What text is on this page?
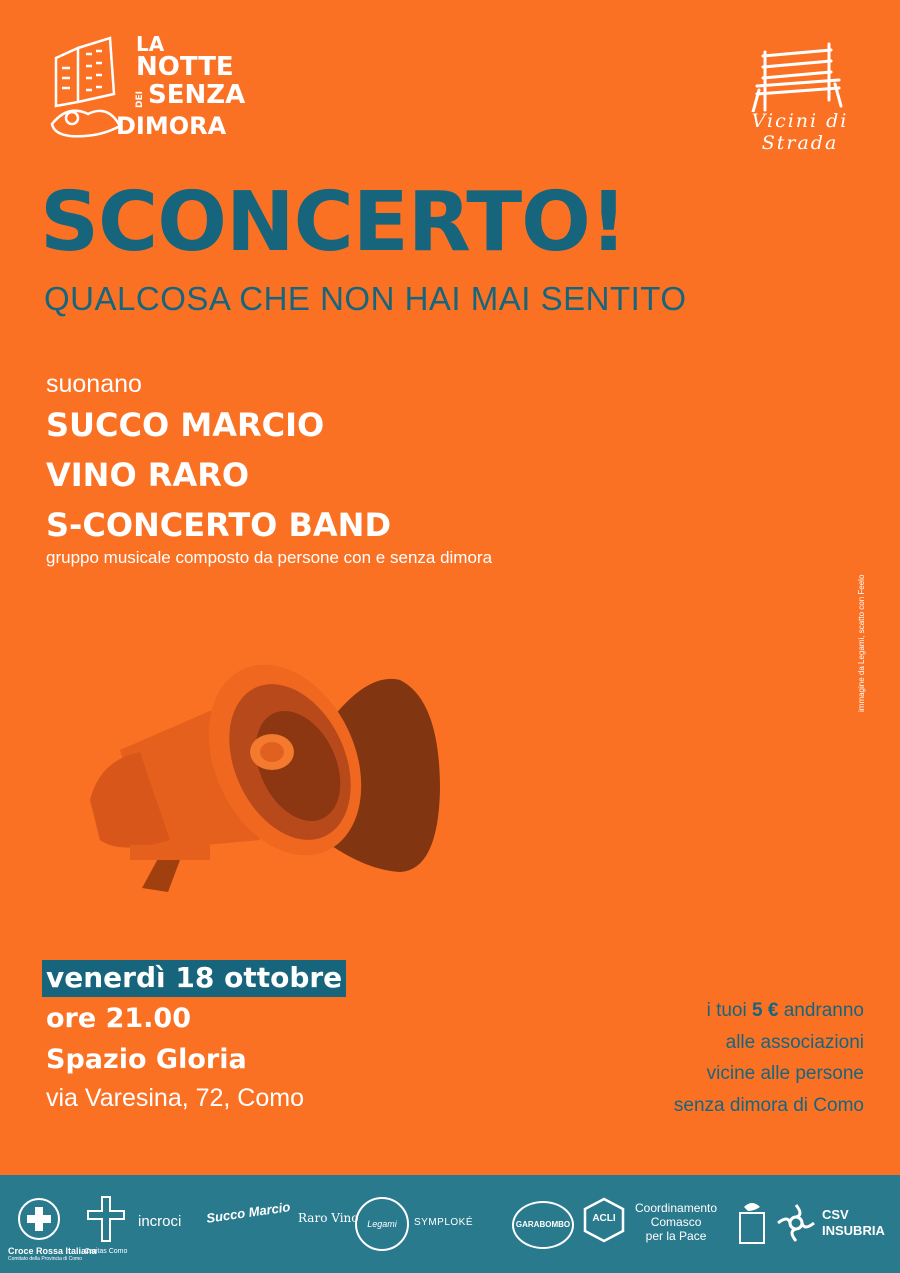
LA
NOTTE
DEI SENZA
DIMORA	Vicini di
Strada
SCONCERTO!
QUALCOSA CHE NON HAI MAI SENTITO
suonano
SUCCO MARCIO
VINO RARO
S-CONCERTO BAND
gruppo musicale composto da persone con e senza dimora
immagine da Legami, scatto con Feelo
venerdì 18 ottobre
ore 21.00
Spazio Gloria
via Varesina, 72, Como
i tuoi 5 € andranno
alle associazioni
vicine alle persone
senza dimora di Como
Croce Rossa Italiana
Comitato della Provincia di Como
Caritas Como
incroci Succo Marcio Raro Vino Legami	SYMPLOKÉ	GARABOMBO
ACLI
Coordinamento
Comasco
per la Pace
CSV
INSUBRIA
